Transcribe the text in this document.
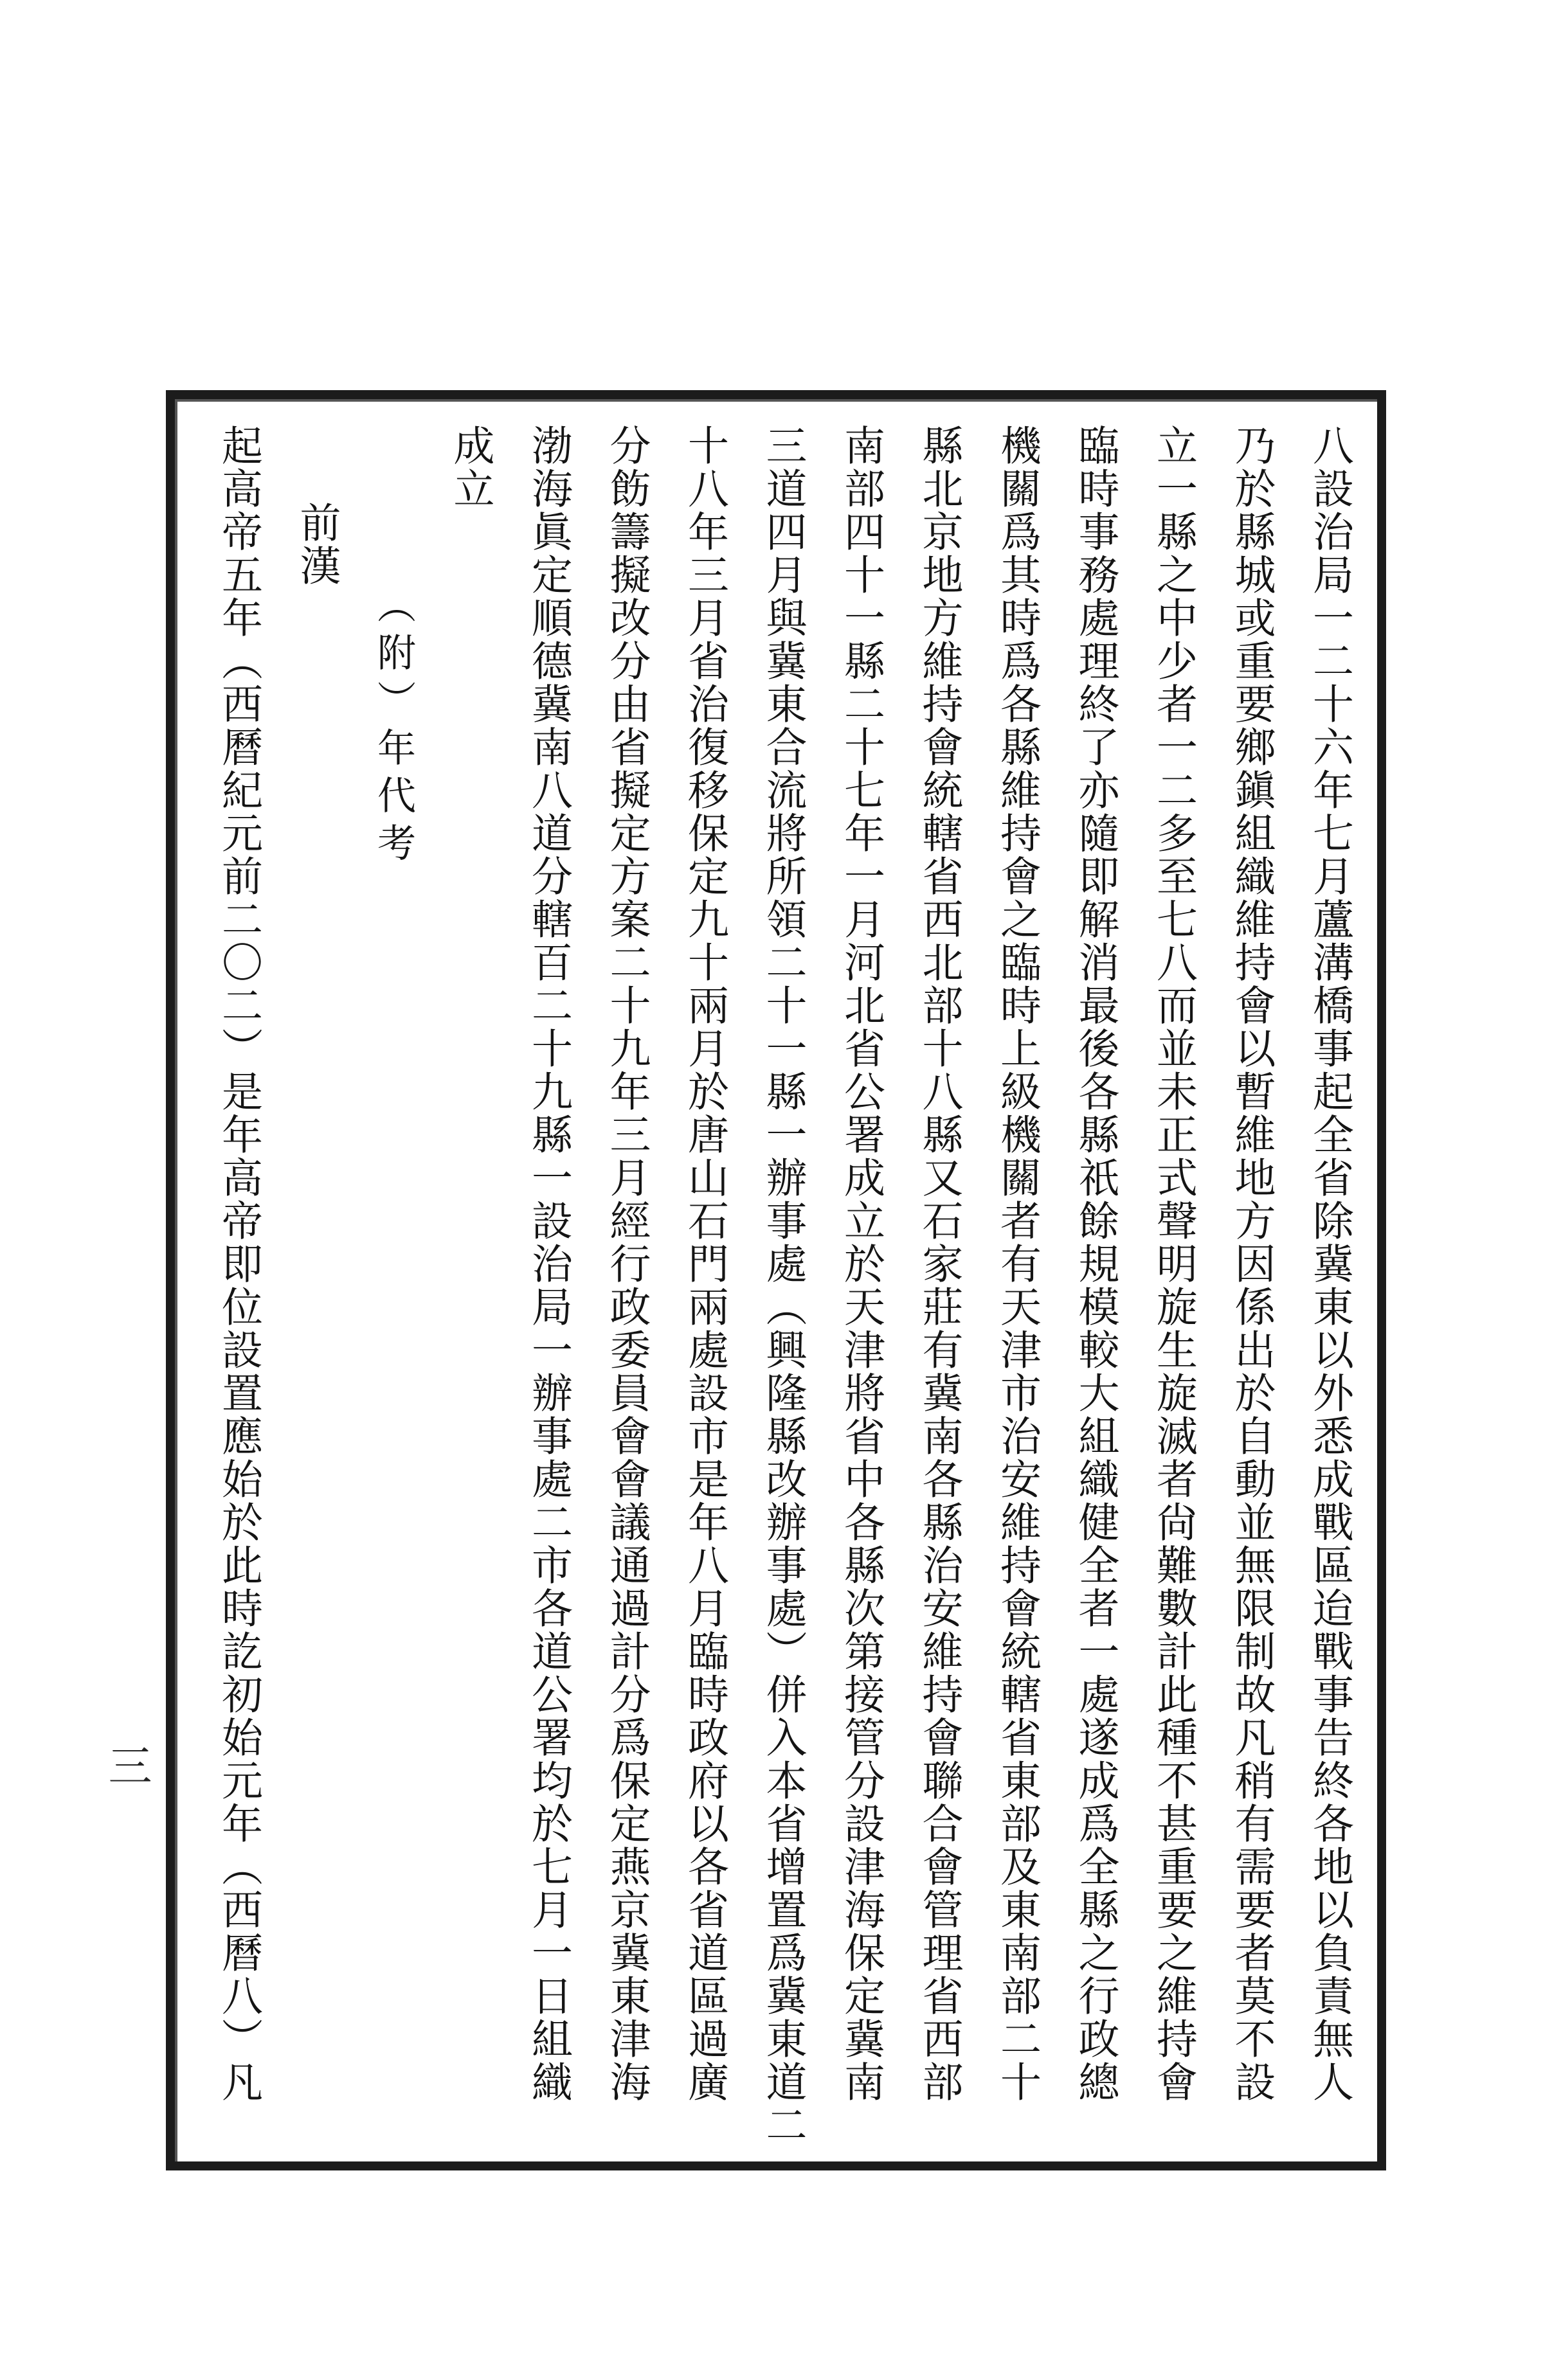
八設治局一二十六年七月蘆溝橋事起全省除冀東以外悉成戰區迨戰事告終各地以負責無人

乃於縣城或重要鄉鎭組織維持會以暫維地方因係出於自動並無限制故凡稍有需要者莫不設

立一縣之中少者一二多至七八而並未正式聲明旋生旋滅者尙難數計此種不甚重要之維持會

臨時事務處理終了亦隨即解消最後各縣祇餘規模較大組織健全者一處遂成爲全縣之行政總

機關爲其時爲各縣維持會之臨時上級機關者有天津市治安維持會統轄省東部及東南部二十

縣北京地方維持會統轄省西北部十八縣又石家莊有冀南各縣治安維持會聯合會管理省西部

南部四十一縣二十七年一月河北省公署成立於天津將省中各縣次第接管分設津海保定冀南

三道四月與冀東合流將所領二十一縣一辦事處（興隆縣改辦事處）併入本省增置爲冀東道二

十八年三月省治復移保定九十兩月於唐山石門兩處設市是年八月臨時政府以各省道區過廣

分飭籌擬改分由省擬定方案二十九年三月經行政委員會會議通過計分爲保定燕京冀東津海

渤海眞定順德冀南八道分轄百二十九縣一設治局一辦事處二市各道公署均於七月一日組織

成立

（附）年代考

前漢

起高帝五年（西曆紀元前二〇二）是年高帝即位設置應始於此時訖初始元年（西曆八）凡

三
